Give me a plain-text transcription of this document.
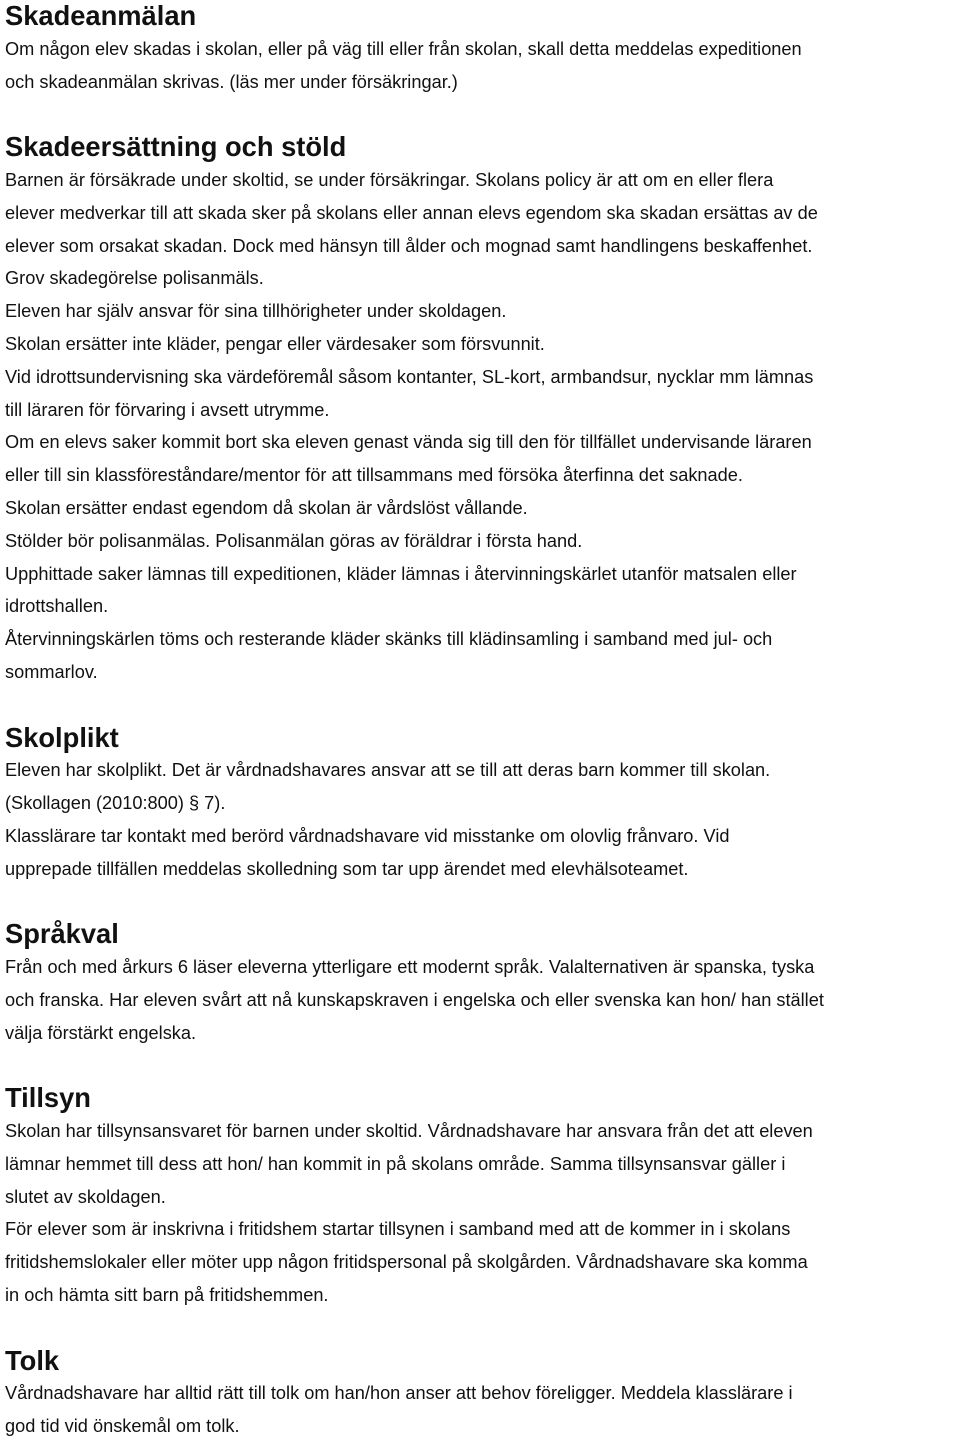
Skadeanmälan

Om någon elev skadas i skolan, eller på väg till eller från skolan, skall detta meddelas expeditionen
och skadeanmälan skrivas. (läs mer under försäkringar.)

Skadeersättning och stöld

Barnen är försäkrade under skoltid, se under försäkringar. Skolans policy är att om en eller flera
elever medverkar till att skada sker på skolans eller annan elevs egendom ska skadan ersättas av de
elever som orsakat skadan. Dock med hänsyn till ålder och mognad samt handlingens beskaffenhet.

Grov skadegörelse polisanmäls.

Eleven har själv ansvar för sina tillhörigheter under skoldagen.

Skolan ersätter inte kläder, pengar eller värdesaker som försvunnit.

Vid idrottsundervisning ska värdeföremål såsom kontanter, SL-kort, armbandsur, nycklar mm lämnas
till läraren för förvaring i avsett utrymme.

Om en elevs saker kommit bort ska eleven genast vända sig till den för tillfället undervisande läraren
eller till sin klassföreståndare/mentor för att tillsammans med försöka återfinna det saknade.

Skolan ersätter endast egendom då skolan är vårdslöst vållande.

Stölder bör polisanmälas. Polisanmälan göras av föräldrar i första hand.

Upphittade saker lämnas till expeditionen, kläder lämnas i återvinningskärlet utanför matsalen eller
idrottshallen.

Återvinningskärlen töms och resterande kläder skänks till klädinsamling i samband med jul- och
sommarlov.

Skolplikt

Eleven har skolplikt. Det är vårdnadshavares ansvar att se till att deras barn kommer till skolan.
(Skollagen (2010:800) § 7).

Klasslärare tar kontakt med berörd vårdnadshavare vid misstanke om olovlig frånvaro. Vid
upprepade tillfällen meddelas skolledning som tar upp ärendet med elevhälsoteamet.

Språkval

Från och med årkurs 6 läser eleverna ytterligare ett modernt språk. Valalternativen är spanska, tyska
och franska. Har eleven svårt att nå kunskapskraven i engelska och eller svenska kan hon/ han stället
välja förstärkt engelska.

Tillsyn

Skolan har tillsynsansvaret för barnen under skoltid. Vårdnadshavare har ansvara från det att eleven
lämnar hemmet till dess att hon/ han kommit in på skolans område. Samma tillsynsansvar gäller i
slutet av skoldagen.

För elever som är inskrivna i fritidshem startar tillsynen i samband med att de kommer in i skolans
fritidshemslokaler eller möter upp någon fritidspersonal på skolgården. Vårdnadshavare ska komma
in och hämta sitt barn på fritidshemmen.

Tolk

Vårdnadshavare har alltid rätt till tolk om han/hon anser att behov föreligger. Meddela klasslärare i
god tid vid önskemål om tolk.
